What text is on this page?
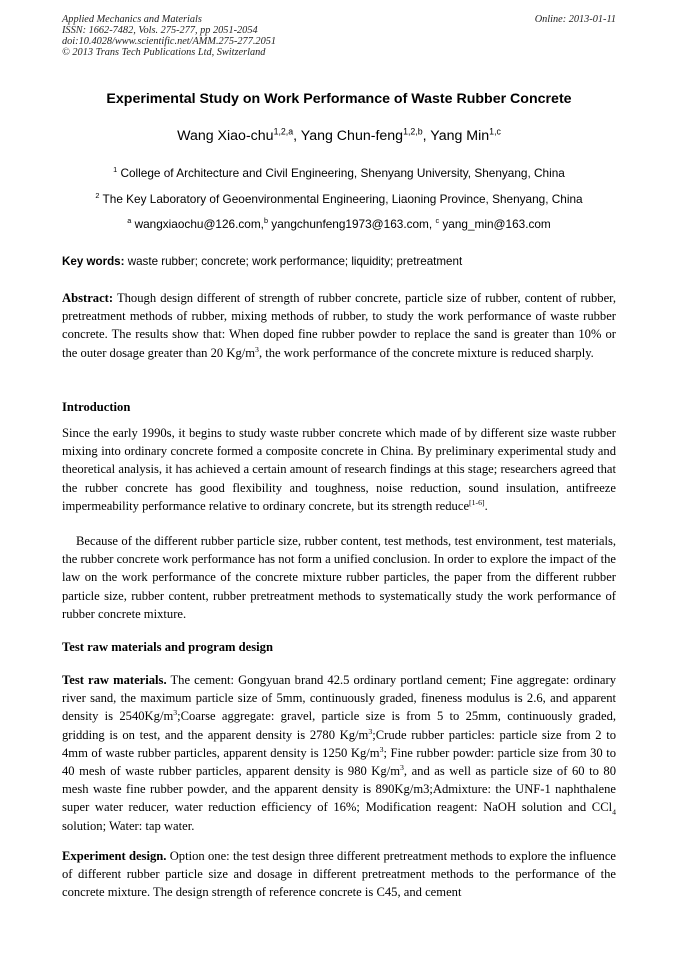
Applied Mechanics and Materials
ISSN: 1662-7482, Vols. 275-277, pp 2051-2054
doi:10.4028/www.scientific.net/AMM.275-277.2051
© 2013 Trans Tech Publications Ltd, Switzerland
Online: 2013-01-11
Experimental Study on Work Performance of Waste Rubber Concrete
Wang Xiao-chu$^{1,2,a}$, Yang Chun-feng$^{1,2,b}$, Yang Min$^{1,c}$
$^1$ College of Architecture and Civil Engineering, Shenyang University, Shenyang, China
$^2$ The Key Laboratory of Geoenvironmental Engineering, Liaoning Province, Shenyang, China
$^a$ wangxiaochu@126.com,$^b$ yangchunfeng1973@163.com, $^c$ yang_min@163.com
Key words: waste rubber; concrete; work performance; liquidity; pretreatment

Abstract: Though design different of strength of rubber concrete, particle size of rubber, content of rubber, pretreatment methods of rubber, mixing methods of rubber, to study the work performance of waste rubber concrete. The results show that: When doped fine rubber powder to replace the sand is greater than 10% or the outer dosage greater than 20 $Kg/m^3$, the work performance of the concrete mixture is reduced sharply.

Introduction

Since the early 1990s, it begins to study waste rubber concrete which made of by different size waste rubber mixing into ordinary concrete formed a composite concrete in China. By preliminary experimental study and theoretical analysis, it has achieved a certain amount of research findings at this stage; researchers agreed that the rubber concrete has good flexibility and toughness, noise reduction, sound insulation, antifreeze impermeability performance relative to ordinary concrete, but its strength reduce[1-6].

Because of the different rubber particle size, rubber content, test methods, test environment, test materials, the rubber concrete work performance has not form a unified conclusion. In order to explore the impact of the law on the work performance of the concrete mixture rubber particles, the paper from the different rubber particle size, rubber content, rubber pretreatment methods to systematically study the work performance of rubber concrete mixture.

Test raw materials and program design

Test raw materials. The cement: Gongyuan brand 42.5 ordinary portland cement; Fine aggregate: ordinary river sand, the maximum particle size of 5mm, continuously graded, fineness modulus is 2.6, and apparent density is $2540Kg/m^3;Coarse$ aggregate: gravel, particle size is from 5 to 25mm, continuously graded, gridding is on test, and the apparent density is 2780 $Kg/m^3;Crude$ rubber particles: particle size from 2 to 4mm of waste rubber particles, apparent density is 1250 $Kg/m^3$; Fine rubber powder: particle size from 30 to 40 mesh of waste rubber particles, apparent density is 980 $Kg/m^3$, and as well as particle size of 60 to 80 mesh waste fine rubber powder, and the apparent density is 890Kg/m3;Admixture: the UNF-1 naphthalene super water reducer, water reduction efficiency of 16%; Modification reagent: NaOH solution and CCl$_4$ solution; Water: tap water.

Experiment design. Option one: the test design three different pretreatment methods to explore the influence of different rubber particle size and dosage in different pretreatment methods to the performance of the concrete mixture. The design strength of reference concrete is C45, and cement
